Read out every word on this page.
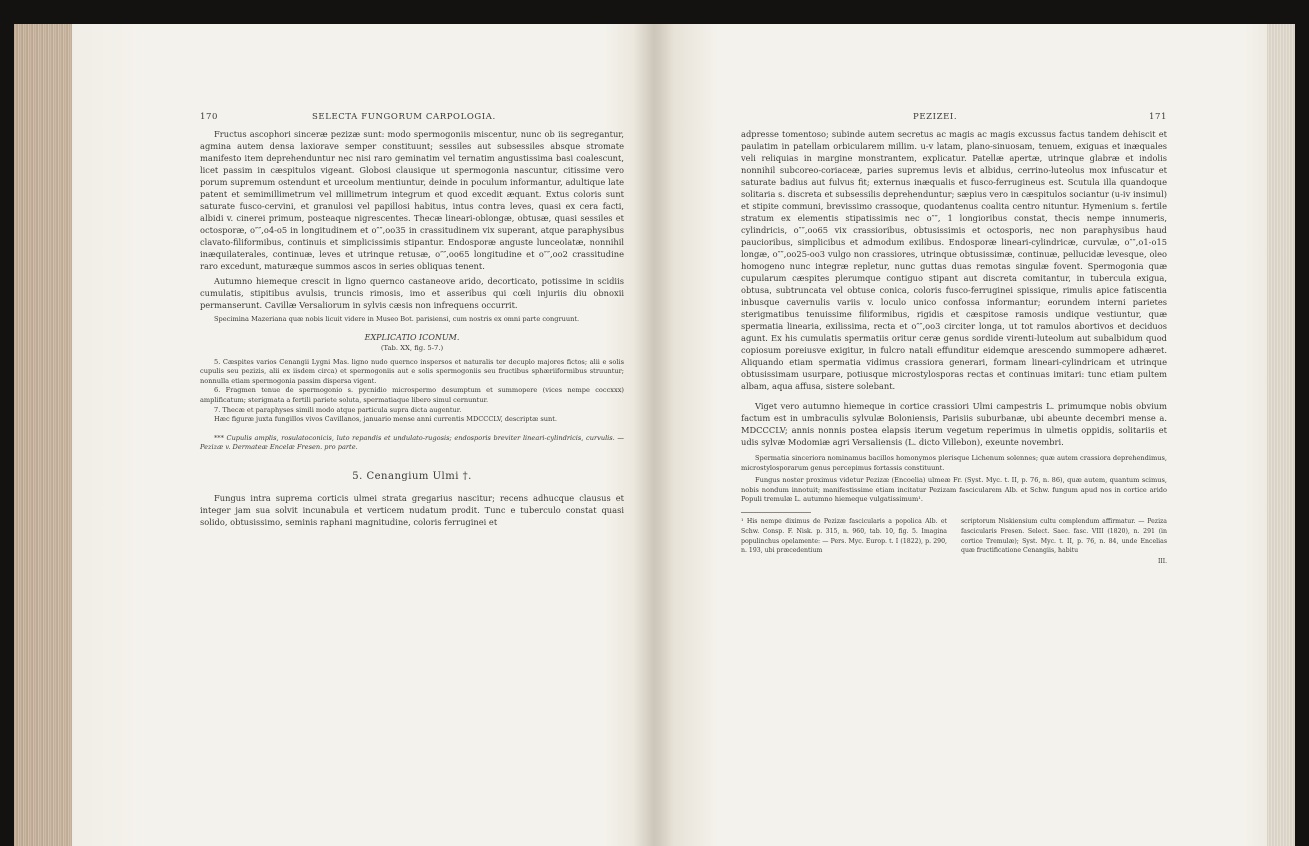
170	SELECTA FUNGORUM CARPOLOGIA.

Fructus ascophori sinceræ pezizæ sunt: modo spermogoniis miscentur, nunc ob iis segregantur, agmina autem densa laxiorave semper constituunt; sessiles aut subsessiles absque stromate manifesto item deprehenduntur nec nisi raro geminatim vel ternatim angustissima basi coalescunt, licet passim in cæspitulos vigeant. Globosi clausique ut spermogonia nascuntur, citissime vero porum supremum ostendunt et urceolum mentiuntur, deinde in poculum informantur, adultique late patent et semimillimetrum vel millimetrum integrum et quod excedit æquant. Extus coloris sunt saturate fusco-cervini, et granulosi vel papillosi habitus, intus contra leves, quasi ex cera facti, albidi v. cinerei primum, posteaque nigrescentes. Thecæ lineari-oblongæ, obtusæ, quasi sessiles et octosporæ, o″″,o4-o5 in longitudinem et o″″,oo35 in crassitudinem vix superant, atque paraphysibus clavato-filiformibus, continuis et simplicissimis stipantur. Endosporæ anguste lunceolatæ, nonnihil inæquilaterales, continuæ, leves et utrinque retusæ, o″″,oo65 longitudine et o″″,oo2 crassitudine raro excedunt, maturæque summos ascos in series obliquas tenent.

Autumno hiemeque crescit in ligno quernco castaneove arido, decorticato, potissime in scidiis cumulatis, stipitibus avulsis, truncis rimosis, imo et asseribus qui cœli injuriis diu obnoxii permanserunt. Cavillæ Versaliorum in sylvis cæsis non infrequens occurrit.

Specimina Mazeriana quæ nobis licuit videre in Museo Bot. parisiensi, cum nostris ex omni parte congruunt.

EXPLICATIO ICONUM.

(Tab. XX, fig. 5-7.)

5. Cæspites varios Cenangii Lygni Mas. ligno nudo quernco inspersos et naturalis ter decuplo majores fictos; alii e solis cupulis seu pezizis, alii ex iisdem circa) et spermogoniis aut e solis spermogoniis seu fructibus sphæriiformibus struuntur; nonnulla etiam spermogonia passim dispersa vigent.

6. Fragmen tenue de spermogonio s. pycnidio microspermo desumptum et summopere (vices nempe coccxxx) amplificatum; sterigmata a fertili pariete soluta, spermatiaque libero simul cernuntur.

7. Thecæ et paraphyses simili modo atque particula supra dicta augentur.

Hæc figuræ juxta fungillos vivos Cavillanos, januario mense anni currentis MDCCCLV, descriptæ sunt.

*** Cupulis amplis, rosulatoconicis, luto repandis et undulato-rugosis; endosporis breviter lineari-cylindricis, curvulis. — Pezizæ v. Dermateæ Encelæ Fresen. pro parte.

5. Cenangium Ulmi †.

Fungus intra suprema corticis ulmei strata gregarius nascitur; recens adhucque clausus et integer jam sua solvit incunabula et verticem nudatum prodit. Tunc e tuberculo constat quasi solido, obtusissimo, seminis raphani magnitudine, coloris ferruginei et

PEZIZEI.	171

adpresse tomentoso; subinde autem secretus ac magis ac magis excussus factus tandem dehiscit et paulatim in patellam orbicularem millim. u-v latam, plano-sinuosam, tenuem, exiguas et inæquales veli reliquias in margine monstrantem, explicatur. Patellæ apertæ, utrinque glabræ et indolis nonnihil subcoreo-coriaceæ, paries supremus levis et albidus, cerrino-luteolus mox infuscatur et saturate badius aut fulvus fit; externus inæqualis et fusco-ferrugineus est. Scutula illa quandoque solitaria s. discreta et subsessilis deprehenduntur; sæpius vero in cæspitulos sociantur (u-iv insimul) et stipite communi, brevissimo crassoque, quodantenus coalita centro nituntur. Hymenium s. fertile stratum ex elementis stipatissimis nec o″″, 1 longioribus constat, thecis nempe innumeris, cylindricis, o″″,oo65 vix crassioribus, obtusissimis et octosporis, nec non paraphysibus haud paucioribus, simplicibus et admodum exilibus. Endosporæ lineari-cylindricæ, curvulæ, o″″,o1-o15 longæ, o″″,oo25-oo3 vulgo non crassiores, utrinque obtusissimæ, continuæ, pellucidæ levesque, oleo homogeno nunc integræ repletur, nunc guttas duas remotas singulæ fovent. Spermogonia quæ cupularum cæspites plerumque contiguo stipant aut discreta comitantur, in tubercula exigua, obtusa, subtruncata vel obtuse conica, coloris fusco-ferruginei spissique, rimulis apice fatiscentia inbusque cavernulis variis v. loculo unico confossa informantur; eorundem interni parietes sterigmatibus tenuissime filiformibus, rigidis et cæspitose ramosis undique vestiuntur, quæ spermatia linearia, exilissima, recta et o″″,oo3 circiter longa, ut tot ramulos abortivos et deciduos agunt. Ex his cumulatis spermatiis oritur ceræ genus sordide virenti-luteolum aut subalbidum quod copiosum poreiusve exigitur, in fulcro natali effunditur eidemque arescendo summopere adhæret. Aliquando etiam spermatia vidimus crassiora generari, formam lineari-cylindricam et utrinque obtusissimam usurpare, potiusque microstylosporas rectas et continuas imitari: tunc etiam pultem albam, aqua affusa, sistere solebant.

Viget vero autumno hiemeque in cortice crassiori Ulmi campestris L. primumque nobis obvium factum est in umbraculis sylvulæ Boloniensis, Parisiis suburbanæ, ubi abeunte decembri mense a. MDCCCLV; annis nonnis postea elapsis iterum vegetum reperimus in ulmetis oppidis, solitariis et udis sylvæ Modomiæ agri Versaliensis (L. dicto Villebon), exeunte novembri.

Spermatia sinceriora nominamus bacillos homonymos plerisque Lichenum solennes; quæ autem crassiora deprehendimus, microstylosporarum genus percepimus fortassis constituunt.

Fungus noster proximus videtur Pezizæ (Encoelia) ulmeæ Fr. (Syst. Myc. t. II, p. 76, n. 86), quæ autem, quantum scimus, nobis nondum innotuit; manifestissime etiam incitatur Pezizam fascicularem Alb. et Schw. fungum apud nos in cortice arido Populi tremulæ L. autumno hiemeque vulgatissimum¹.

¹ His nempe diximus de Pezizæ fascicularis a popolica Alb. et Schw. Consp. F. Nisk. p. 315, n. 960, tab. 10, fig. 5. Imagina populinchus opelamente: — Pers. Myc. Europ. t. I (1822), p. 290, n. 193, ubi præcedentium
scriptorum Niskiensium cultu complendum affirmatur. — Peziza fascicularis Fresen. Select. Saec. fasc. VIII (1820), n. 291 (in cortice Tremulæ); Syst. Myc. t. II, p. 76, n. 84, unde Encelias quæ fructificatione Cenangiis, habitu
III.
